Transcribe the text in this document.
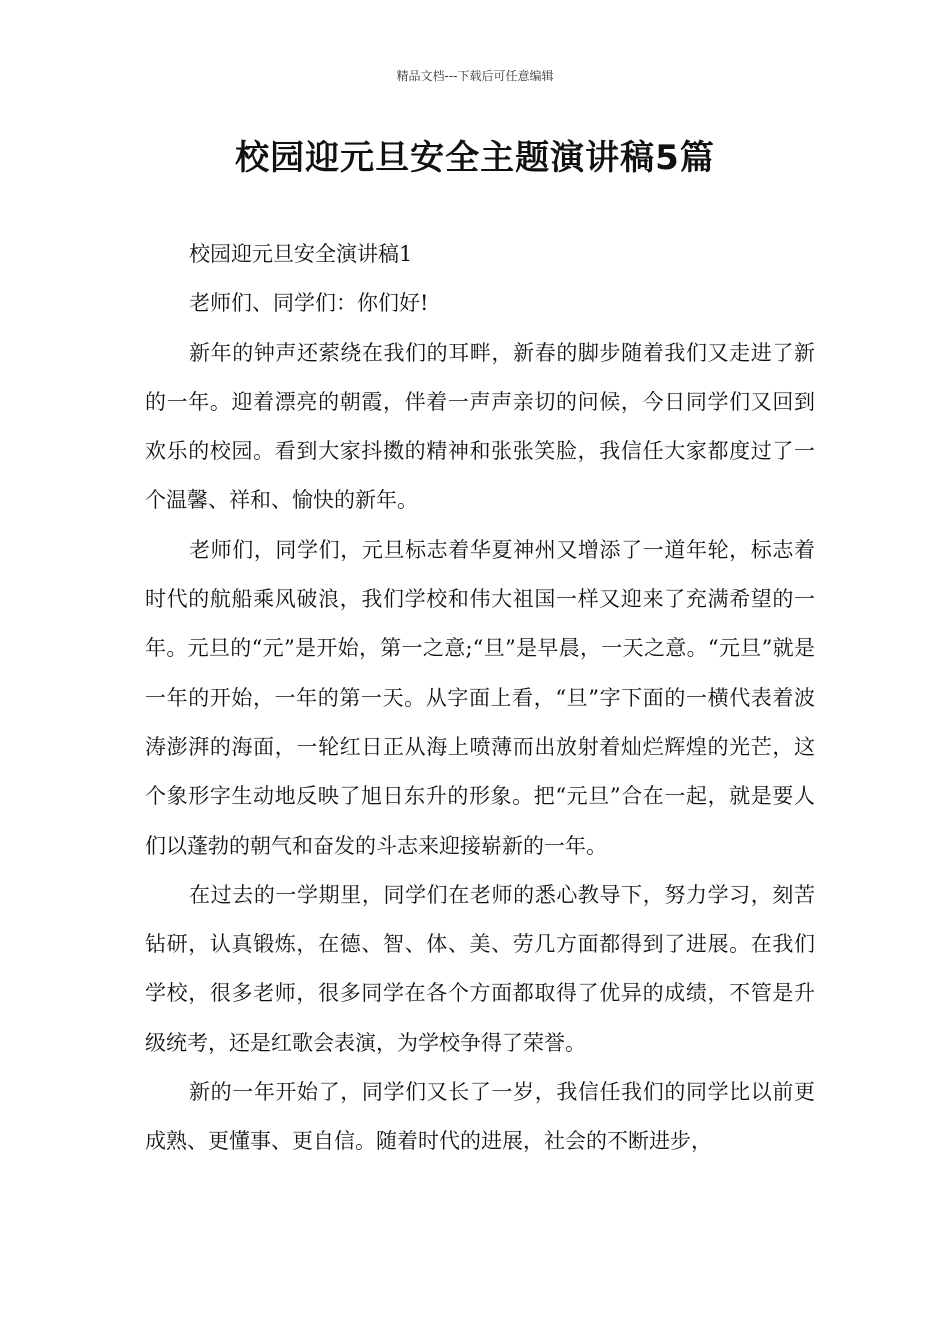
精品文档---下载后可任意编辑
校园迎元旦安全主题演讲稿5篇

校园迎元旦安全演讲稿1

老师们、同学们：你们好!

新年的钟声还萦绕在我们的耳畔，新春的脚步随着我们又走进了新的一年。迎着漂亮的朝霞，伴着一声声亲切的问候，今日同学们又回到欢乐的校园。看到大家抖擞的精神和张张笑脸，我信任大家都度过了一个温馨、祥和、愉快的新年。

老师们，同学们，元旦标志着华夏神州又增添了一道年轮，标志着时代的航船乘风破浪，我们学校和伟大祖国一样又迎来了充满希望的一年。元旦的“元”是开始，第一之意;“旦”是早晨，一天之意。“元旦”就是一年的开始，一年的第一天。从字面上看，“旦”字下面的一横代表着波涛澎湃的海面，一轮红日正从海上喷薄而出放射着灿烂辉煌的光芒，这个象形字生动地反映了旭日东升的形象。把“元旦”合在一起，就是要人们以蓬勃的朝气和奋发的斗志来迎接崭新的一年。

在过去的一学期里，同学们在老师的悉心教导下，努力学习，刻苦钻研，认真锻炼，在德、智、体、美、劳几方面都得到了进展。在我们学校，很多老师，很多同学在各个方面都取得了优异的成绩，不管是升级统考，还是红歌会表演，为学校争得了荣誉。

新的一年开始了，同学们又长了一岁，我信任我们的同学比以前更成熟、更懂事、更自信。随着时代的进展，社会的不断进步，
